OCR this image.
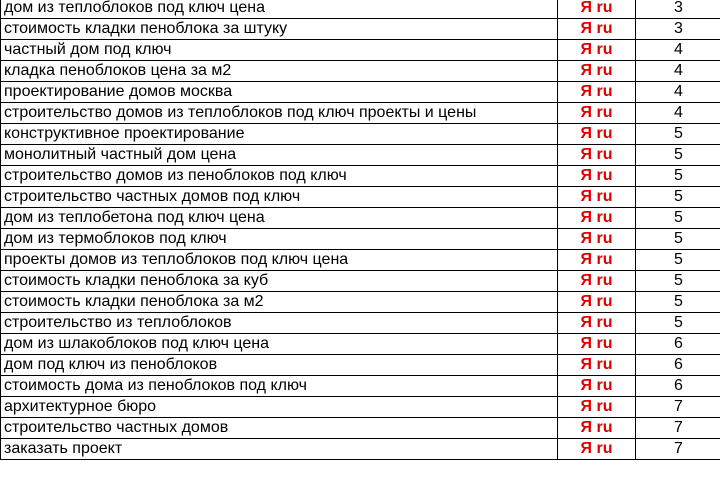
дом из теплоблоков под ключ цена	Я ru	3
стоимость кладки пеноблока за штуку	Я ru	3
частный дом под ключ	Я ru	4
кладка пеноблоков цена за м2	Я ru	4
проектирование домов москва	Я ru	4
строительство домов из теплоблоков под ключ проекты и цены	Я ru	4
конструктивное проектирование	Я ru	5
монолитный частный дом цена	Я ru	5
строительство домов из пеноблоков под ключ	Я ru	5
строительство частных домов под ключ	Я ru	5
дом из теплобетона под ключ цена	Я ru	5
дом из термоблоков под ключ	Я ru	5
проекты домов из теплоблоков под ключ цена	Я ru	5
стоимость кладки пеноблока за куб	Я ru	5
стоимость кладки пеноблока за м2	Я ru	5
строительство из теплоблоков	Я ru	5
дом из шлакоблоков под ключ цена	Я ru	6
дом под ключ из пеноблоков	Я ru	6
стоимость дома из пеноблоков под ключ	Я ru	6
архитектурное бюро	Я ru	7
строительство частных домов	Я ru	7
заказать проект	Я ru	7
